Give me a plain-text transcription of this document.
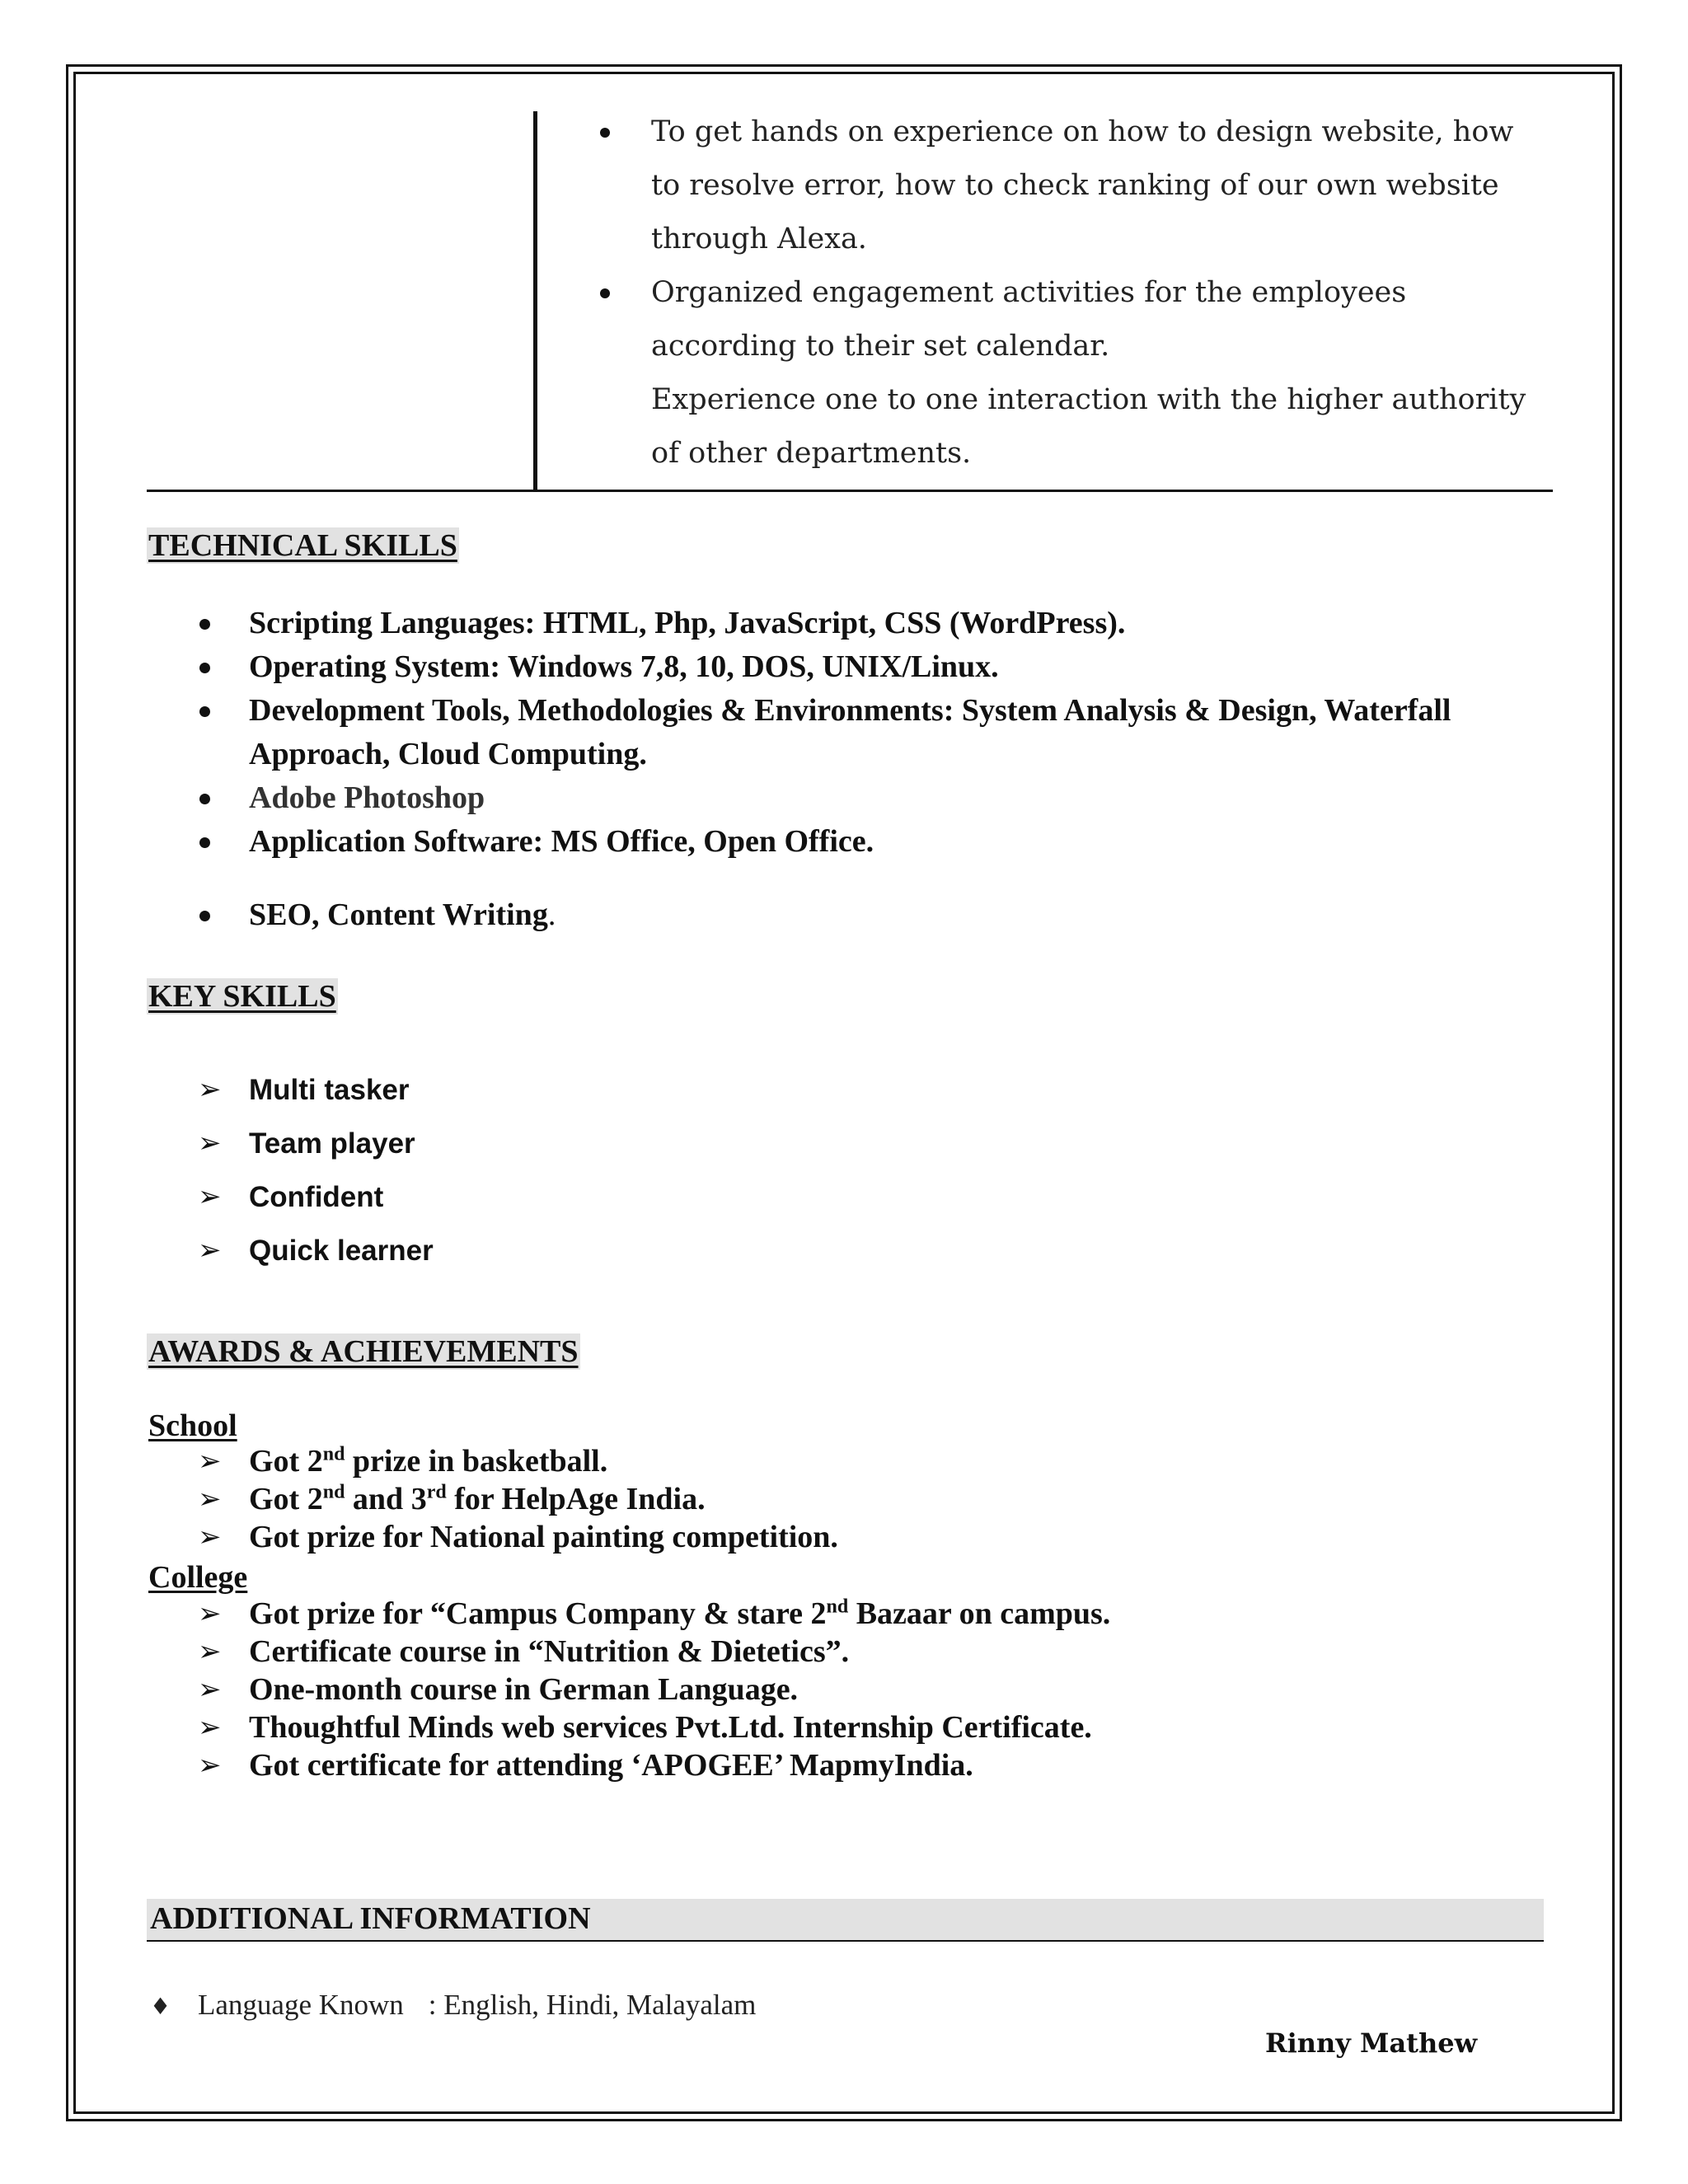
To get hands on experience on how to design website, how
to resolve error, how to check ranking of our own website
through Alexa.
Organized engagement activities for the employees
according to their set calendar.
Experience one to one interaction with the higher authority
of other departments.
TECHNICAL SKILLS
Scripting Languages: HTML, Php, JavaScript, CSS (WordPress).
Operating System: Windows 7,8, 10, DOS, UNIX/Linux.
Development Tools, Methodologies & Environments: System Analysis & Design, Waterfall
Approach, Cloud Computing.
Adobe Photoshop
Application Software: MS Office, Open Office.
SEO, Content Writing.
KEY SKILLS
➢ Multi tasker
➢ Team player
➢ Confident
➢ Quick learner
AWARDS & ACHIEVEMENTS
School
➢ Got 2nd prize in basketball.
➢ Got 2nd and 3rd for HelpAge India.
➢ Got prize for National painting competition.
College
➢ Got prize for “Campus Company & stare 2nd Bazaar on campus.
➢ Certificate course in “Nutrition & Dietetics”.
➢ One-month course in German Language.
➢ Thoughtful Minds web services Pvt.Ltd. Internship Certificate.
➢ Got certificate for attending ‘APOGEE’ MapmyIndia.
ADDITIONAL INFORMATION
♦ Language Known : English, Hindi, Malayalam
Rinny Mathew
